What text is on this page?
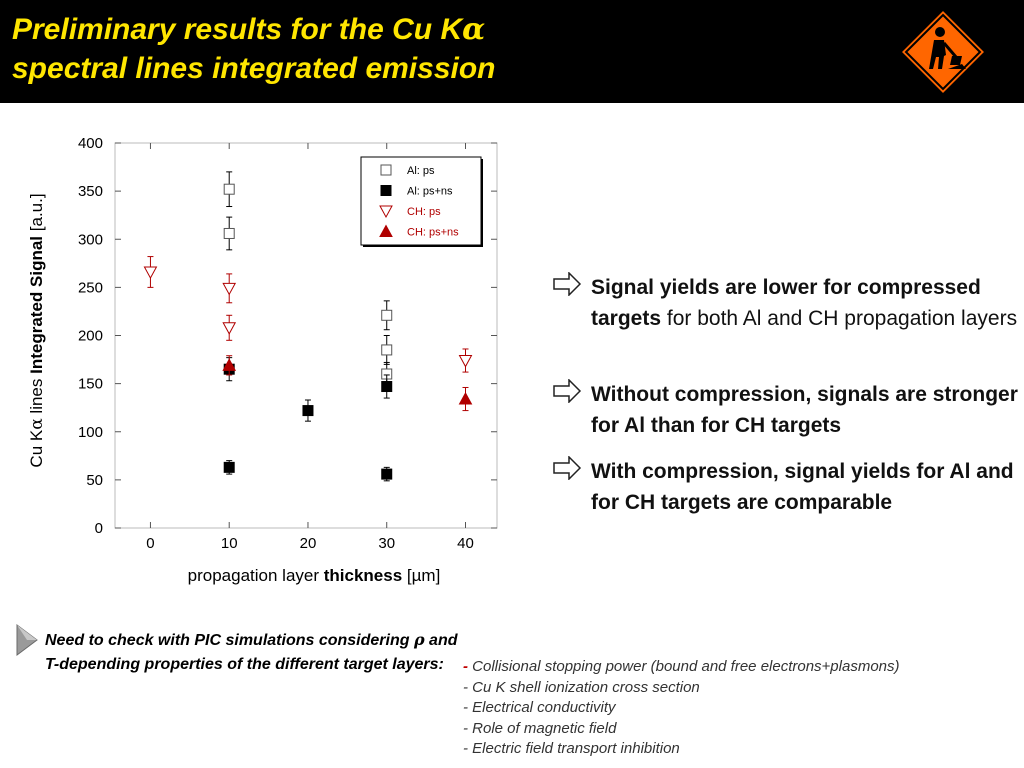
Preliminary results for the Cu Kα
spectral lines integrated emission
0
50
100
150
200
250
300
350
400
0	10	20	30	40
propagation layer thickness [µm]
Cu Kα lines Integrated Signal [a.u.]
Al: ps
Al: ps+ns
CH: ps
CH: ps+ns
Signal yields are lower for compressed targets for both Al and CH propagation layers
Without compression, signals are stronger for Al than for CH targets
With compression, signal yields for Al and for CH targets are comparable
Need to check with PIC simulations considering ρ and T-depending properties of the different target layers:	- Collisional stopping power (bound and free electrons+plasmons)
- Cu K shell ionization cross section
- Electrical conductivity
- Role of magnetic field
- Electric field transport inhibition
